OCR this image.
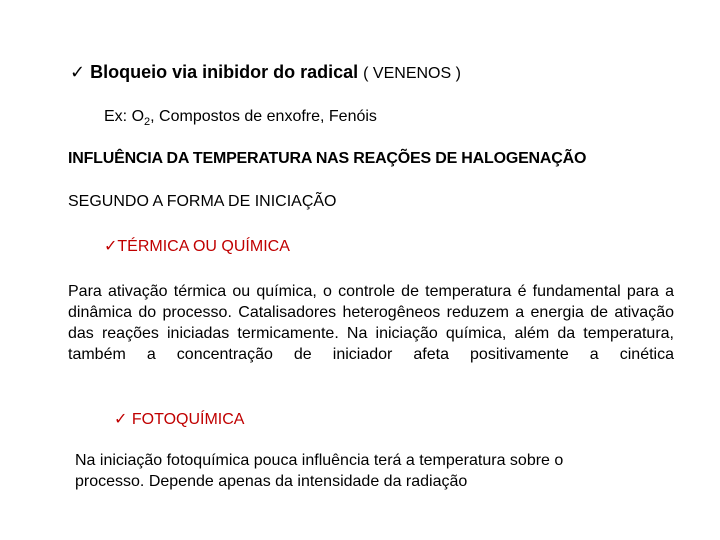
✓ Bloqueio via inibidor do radical ( VENENOS )
Ex: $O_2$, Compostos de enxofre, Fenóis
INFLUÊNCIA DA TEMPERATURA NAS REAÇÕES DE HALOGENAÇÃO
SEGUNDO A FORMA DE INICIAÇÃO
✓TÉRMICA OU QUÍMICA
Para ativação térmica ou química, o controle de temperatura é fundamental para a dinâmica do processo. Catalisadores heterogêneos reduzem a energia de ativação das reações iniciadas termicamente. Na iniciação química, além da temperatura, também a concentração de iniciador afeta positivamente a cinética
✓ FOTOQUÍMICA
Na iniciação fotoquímica pouca influência terá a temperatura sobre o processo. Depende apenas da intensidade da radiação
